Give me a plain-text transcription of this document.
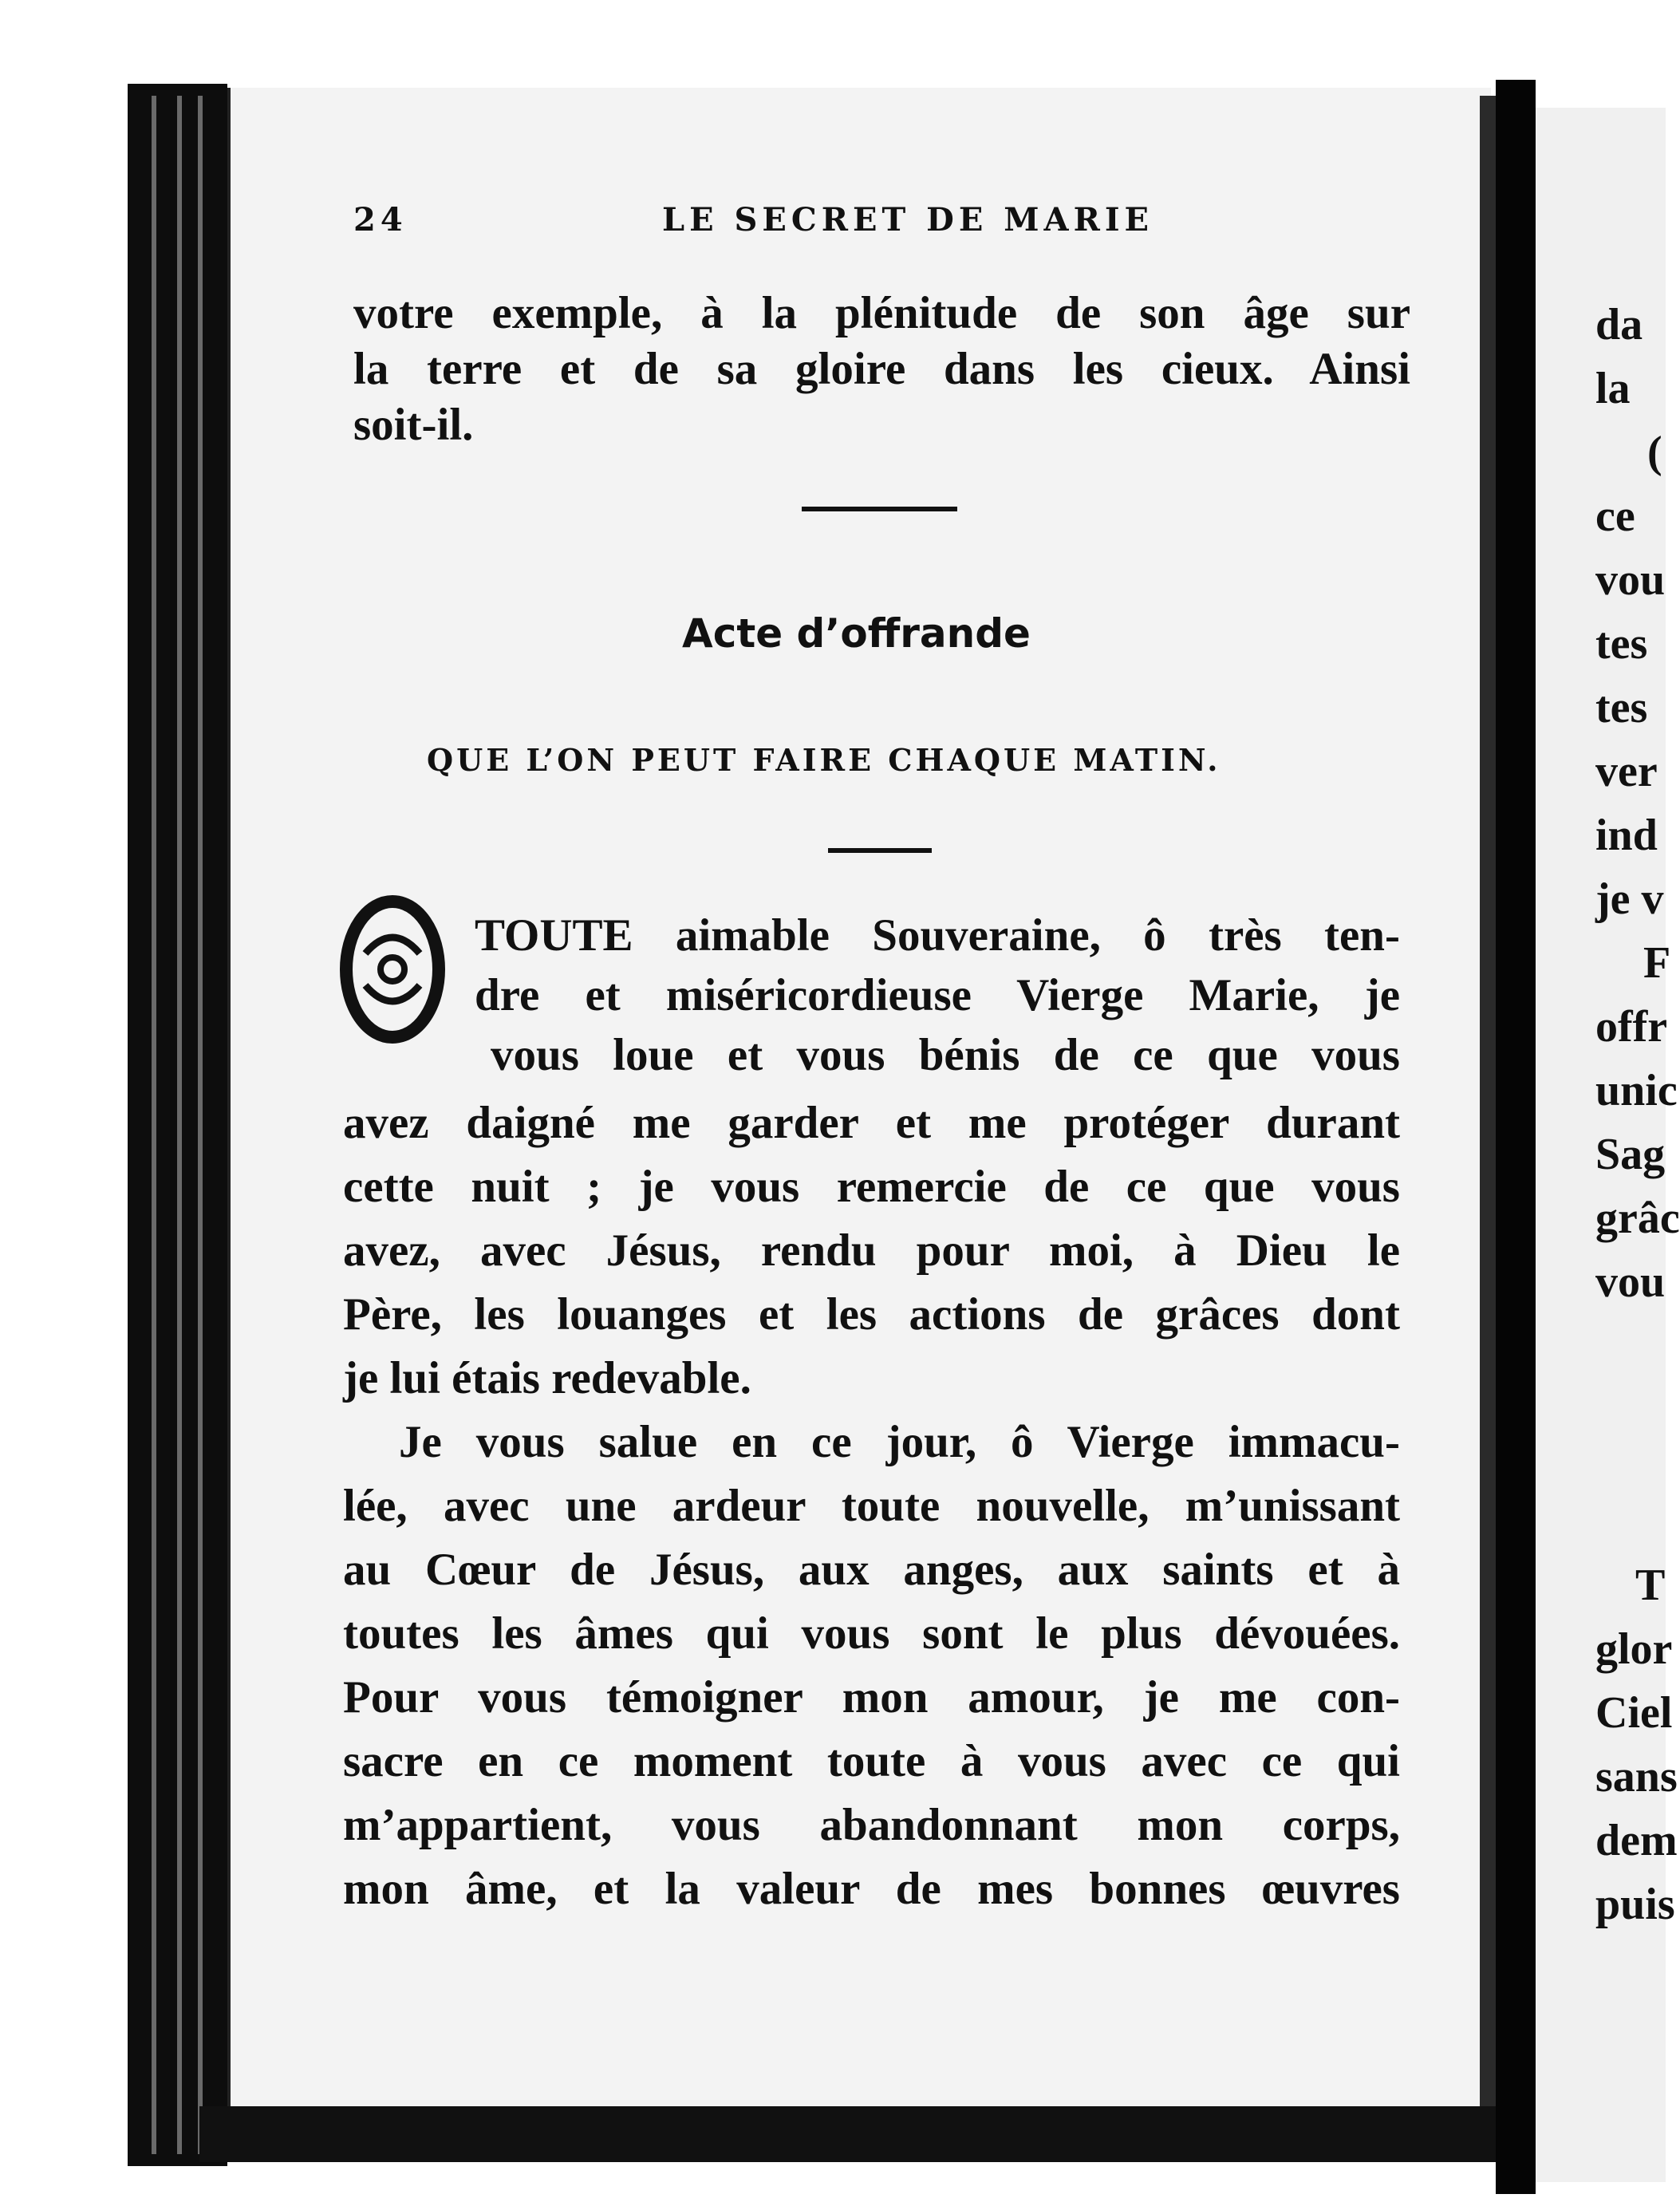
24	LE SECRET DE MARIE
votre exemple, à la plénitude de son âge sur
la terre et de sa gloire dans les cieux. Ainsi
soit-il.
Acte d’offrande
QUE L’ON PEUT FAIRE CHAQUE MATIN.
O
TOUTE aimable Souveraine, ô très ten-
dre et miséricordieuse Vierge Marie, je
vous loue et vous bénis de ce que vous
avez daigné me garder et me protéger durant
cette nuit ; je vous remercie de ce que vous
avez, avec Jésus, rendu pour moi, à Dieu le
Père, les louanges et les actions de grâces dont
je lui étais redevable.
Je vous salue en ce jour, ô Vierge immacu-
lée, avec une ardeur toute nouvelle, m’unissant
au Cœur de Jésus, aux anges, aux saints et à
toutes les âmes qui vous sont le plus dévouées.
Pour vous témoigner mon amour, je me con-
sacre en ce moment toute à vous avec ce qui
m’appartient, vous abandonnant mon corps,
mon âme, et la valeur de mes bonnes œuvres
da
la
(
ce
vou
tes
tes
ver
ind
je v
F
offr
unic
Sag
grâc
vou
T
glor
Ciel
sans
dem
puis
